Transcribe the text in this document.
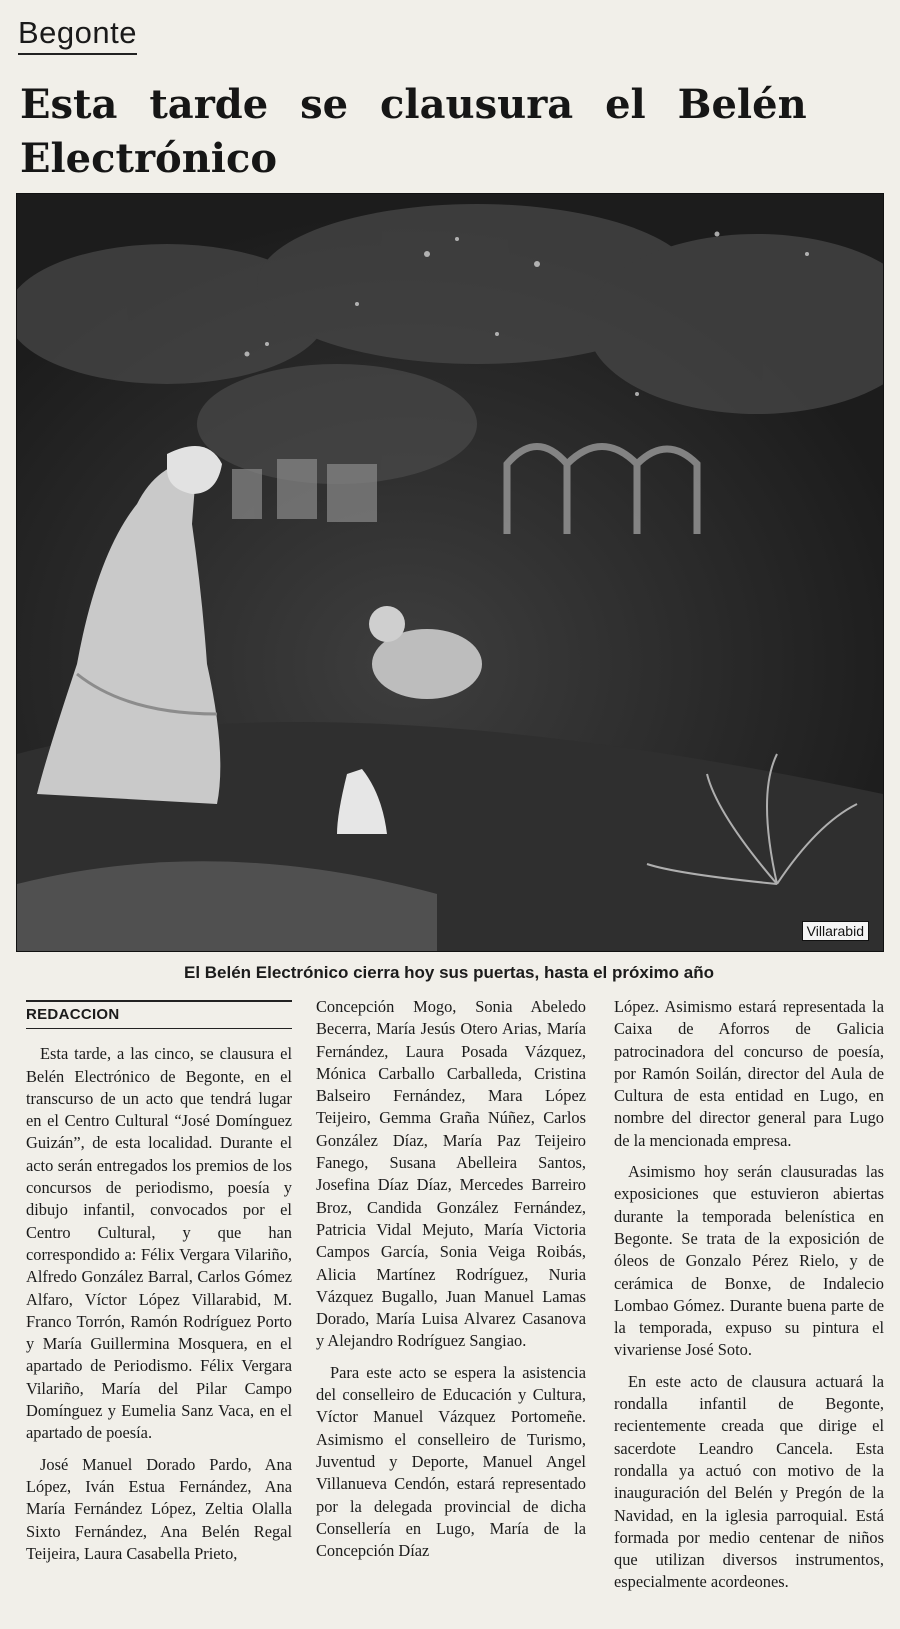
Begonte
Esta tarde se clausura el Belén Electrónico
Villarabid
El Belén Electrónico cierra hoy sus puertas, hasta el próximo año
REDACCION

Esta tarde, a las cinco, se clausura el Belén Electrónico de Begonte, en el transcurso de un acto que tendrá lugar en el Centro Cultural “José Domínguez Guizán”, de esta localidad. Durante el acto serán entregados los premios de los concursos de periodismo, poesía y dibujo infantil, convocados por el Centro Cultural, y que han correspondido a: Félix Vergara Vilariño, Alfredo González Barral, Carlos Gómez Alfaro, Víctor López Villarabid, M. Franco Torrón, Ramón Rodríguez Porto y María Guillermina Mosquera, en el apartado de Periodismo. Félix Vergara Vilariño, María del Pilar Campo Domínguez y Eumelia Sanz Vaca, en el apartado de poesía.

José Manuel Dorado Pardo, Ana López, Iván Estua Fernández, Ana María Fernández López, Zeltia Olalla Sixto Fernández, Ana Belén Regal Teijeira, Laura Casabella Prieto,

Concepción Mogo, Sonia Abeledo Becerra, María Jesús Otero Arias, María Fernández, Laura Posada Vázquez, Mónica Carballo Carballeda, Cristina Balseiro Fernández, Mara López Teijeiro, Gemma Graña Núñez, Carlos González Díaz, María Paz Teijeiro Fanego, Susana Abelleira Santos, Josefina Díaz Díaz, Mercedes Barreiro Broz, Candida González Fernández, Patricia Vidal Mejuto, María Victoria Campos García, Sonia Veiga Roibás, Alicia Martínez Rodríguez, Nuria Vázquez Bugallo, Juan Manuel Lamas Dorado, María Luisa Alvarez Casanova y Alejandro Rodríguez Sangiao.

Para este acto se espera la asistencia del conselleiro de Educación y Cultura, Víctor Manuel Vázquez Portomeñe. Asimismo el conselleiro de Turismo, Juventud y Deporte, Manuel Angel Villanueva Cendón, estará representado por la delegada provincial de dicha Consellería en Lugo, María de la Concepción Díaz

López. Asimismo estará representada la Caixa de Aforros de Galicia patrocinadora del concurso de poesía, por Ramón Soilán, director del Aula de Cultura de esta entidad en Lugo, en nombre del director general para Lugo de la mencionada empresa.

Asimismo hoy serán clausuradas las exposiciones que estuvieron abiertas durante la temporada belenística en Begonte. Se trata de la exposición de óleos de Gonzalo Pérez Rielo, y de cerámica de Bonxe, de Indalecio Lombao Gómez. Durante buena parte de la temporada, expuso su pintura el vivariense José Soto.

En este acto de clausura actuará la rondalla infantil de Begonte, recientemente creada que dirige el sacerdote Leandro Cancela. Esta rondalla ya actuó con motivo de la inauguración del Belén y Pregón de la Navidad, en la iglesia parroquial. Está formada por medio centenar de niños que utilizan diversos instrumentos, especialmente acordeones.
